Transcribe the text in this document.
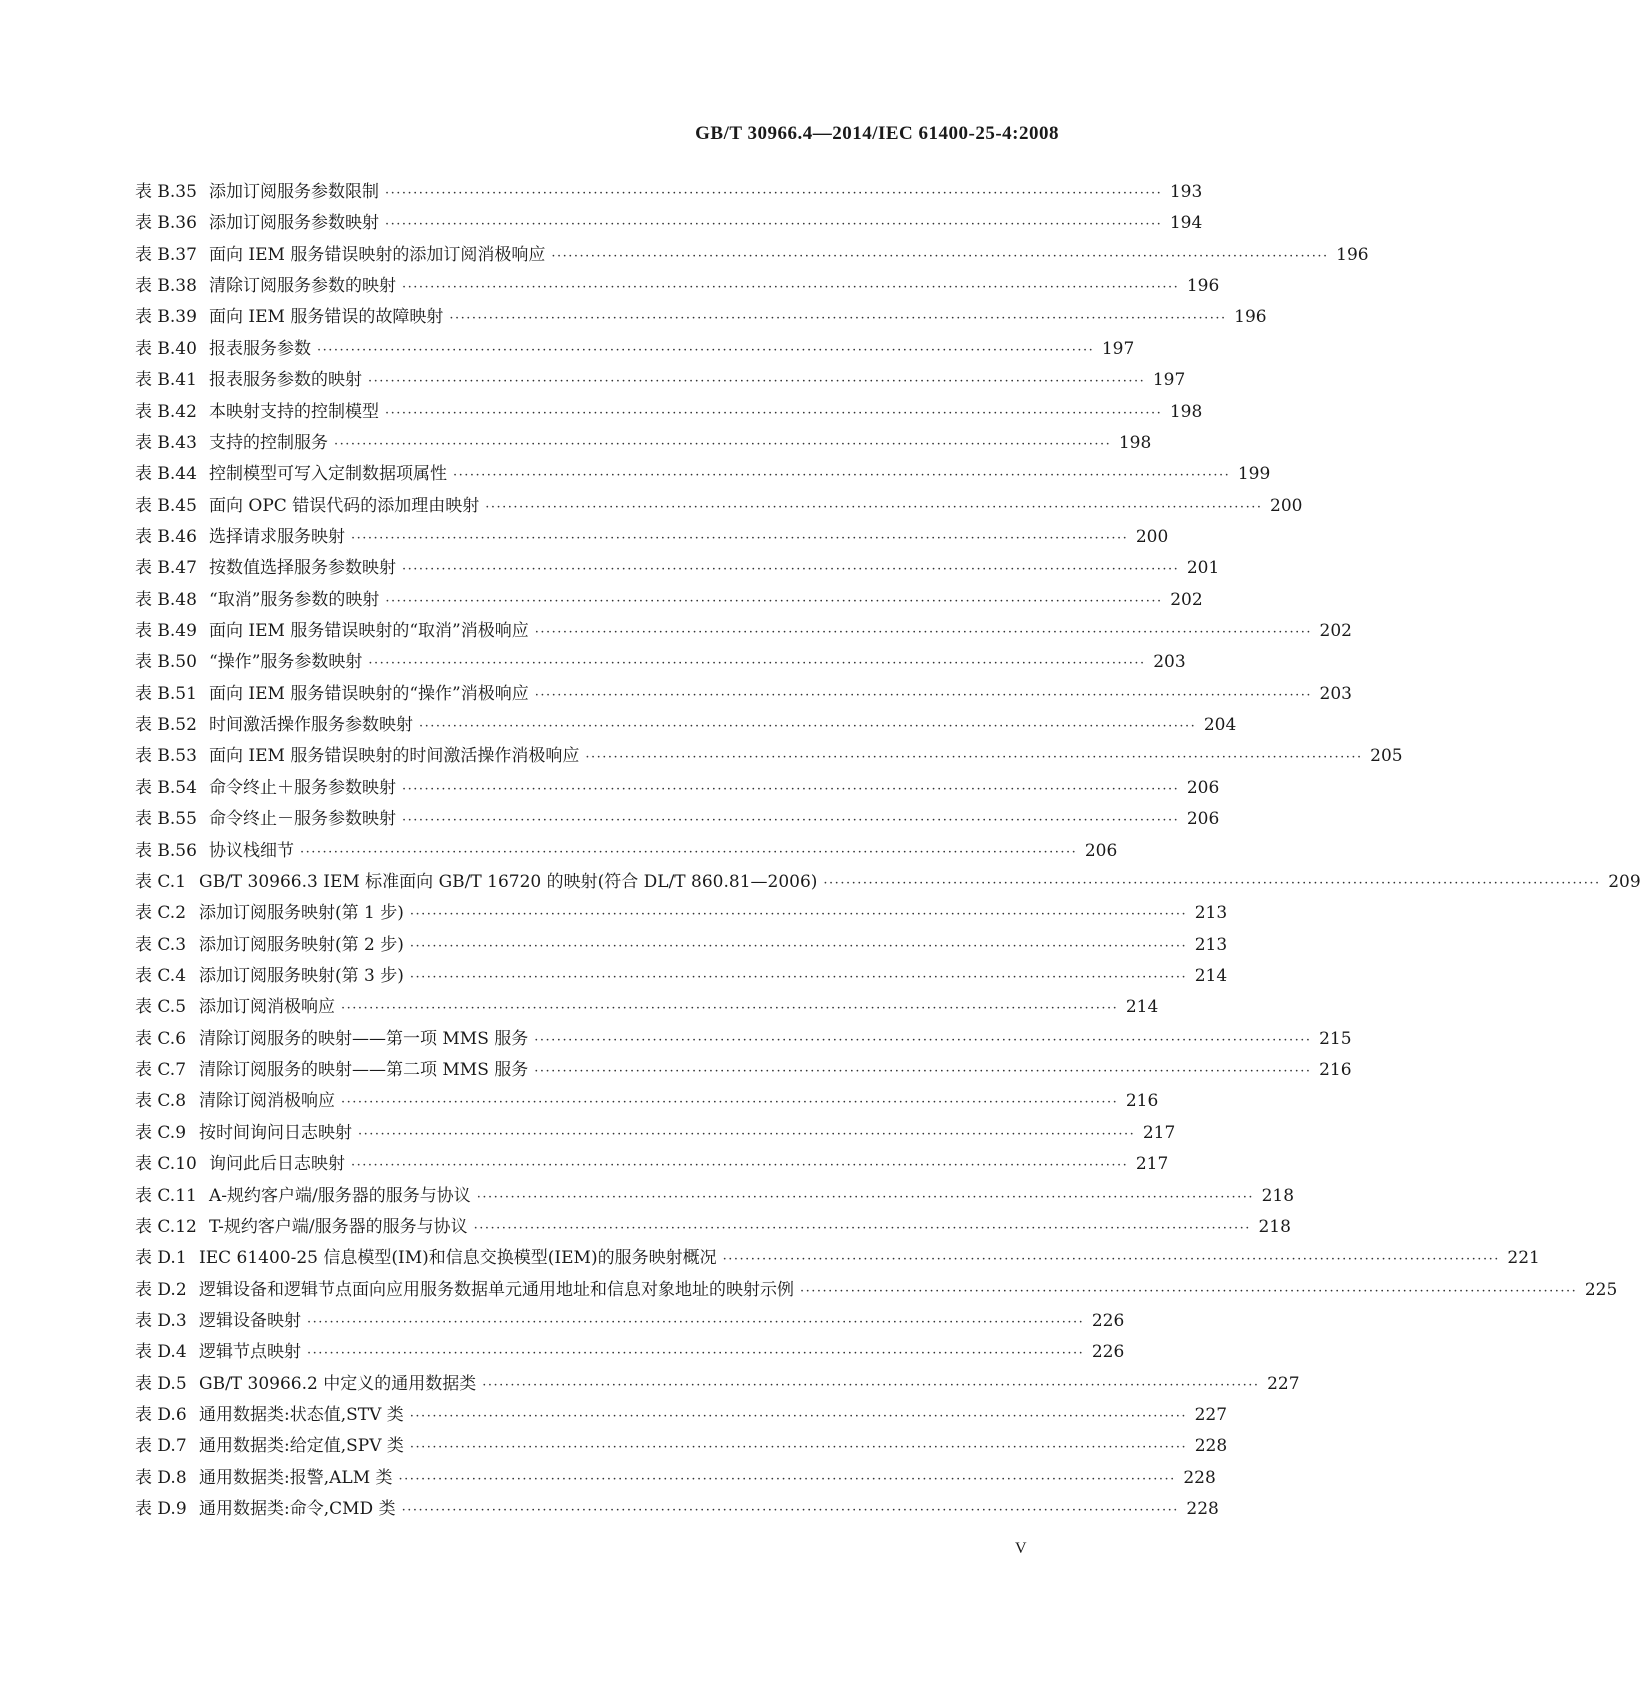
GB/T 30966.4—2014/IEC 61400-25-4:2008
表 B.35 添加订阅服务参数限制 ·····	193
表 B.36 添加订阅服务参数映射 ·····	194
表 B.37 面向 IEM 服务错误映射的添加订阅消极响应 ·····	196
表 B.38 清除订阅服务参数的映射 ·····	196
表 B.39 面向 IEM 服务错误的故障映射 ·····	196
表 B.40 报表服务参数 ·····	197
表 B.41 报表服务参数的映射 ·····	197
表 B.42 本映射支持的控制模型 ·····	198
表 B.43 支持的控制服务 ·····	198
表 B.44 控制模型可写入定制数据项属性 ·····	199
表 B.45 面向 OPC 错误代码的添加理由映射 ·····	200
表 B.46 选择请求服务映射 ·····	200
表 B.47 按数值选择服务参数映射 ·····	201
表 B.48 “取消”服务参数的映射 ·····	202
表 B.49 面向 IEM 服务错误映射的“取消”消极响应 ·····	202
表 B.50 “操作”服务参数映射 ·····	203
表 B.51 面向 IEM 服务错误映射的“操作”消极响应 ·····	203
表 B.52 时间激活操作服务参数映射 ·····	204
表 B.53 面向 IEM 服务错误映射的时间激活操作消极响应 ·····	205
表 B.54 命令终止＋服务参数映射 ·····	206
表 B.55 命令终止－服务参数映射 ·····	206
表 B.56 协议栈细节 ·····	206
表 C.1 GB/T 30966.3 IEM 标准面向 GB/T 16720 的映射(符合 DL/T 860.81—2006) ·····	209
表 C.2 添加订阅服务映射(第 1 步) ·····	213
表 C.3 添加订阅服务映射(第 2 步) ·····	213
表 C.4 添加订阅服务映射(第 3 步) ·····	214
表 C.5 添加订阅消极响应 ·····	214
表 C.6 清除订阅服务的映射——第一项 MMS 服务 ·····	215
表 C.7 清除订阅服务的映射——第二项 MMS 服务 ·····	216
表 C.8 清除订阅消极响应 ·····	216
表 C.9 按时间询问日志映射 ·····	217
表 C.10 询问此后日志映射 ·····	217
表 C.11 A-规约客户端/服务器的服务与协议 ·····	218
表 C.12 T-规约客户端/服务器的服务与协议 ·····	218
表 D.1 IEC 61400-25 信息模型(IM)和信息交换模型(IEM)的服务映射概况 ·····	221
表 D.2 逻辑设备和逻辑节点面向应用服务数据单元通用地址和信息对象地址的映射示例 ·····	225
表 D.3 逻辑设备映射 ·····	226
表 D.4 逻辑节点映射 ·····	226
表 D.5 GB/T 30966.2 中定义的通用数据类 ·····	227
表 D.6 通用数据类:状态值,STV 类 ·····	227
表 D.7 通用数据类:给定值,SPV 类 ·····	228
表 D.8 通用数据类:报警,ALM 类 ·····	228
表 D.9 通用数据类:命令,CMD 类 ·····	228
V
